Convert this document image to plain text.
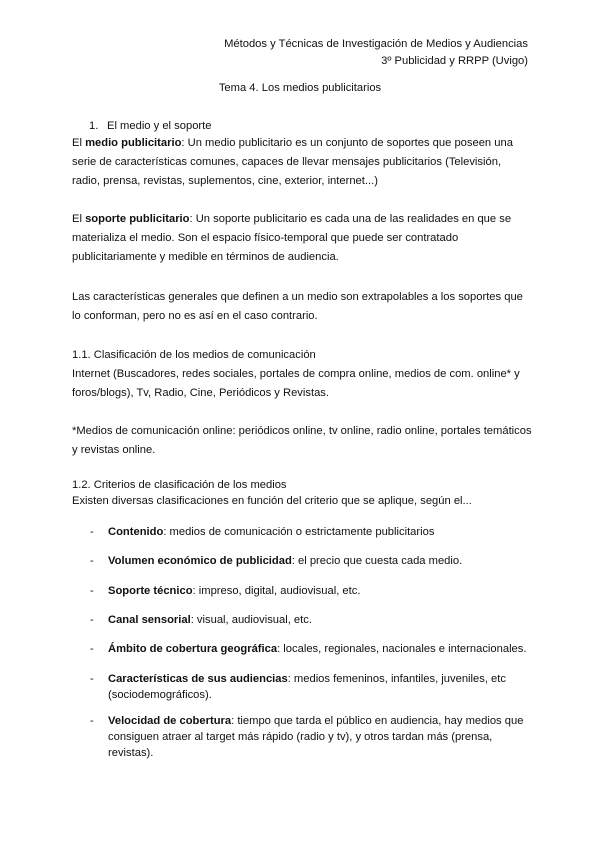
Métodos y Técnicas de Investigación de Medios y Audiencias
3º Publicidad y RRPP (Uvigo)
Tema 4. Los medios publicitarios
1. El medio y el soporte
El medio publicitario: Un medio publicitario es un conjunto de soportes que poseen una serie de características comunes, capaces de llevar mensajes publicitarios (Televisión, radio, prensa, revistas, suplementos, cine, exterior, internet...)
El soporte publicitario: Un soporte publicitario es cada una de las realidades en que se materializa el medio. Son el espacio físico-temporal que puede ser contratado publicitariamente y medible en términos de audiencia.
Las características generales que definen a un medio son extrapolables a los soportes que lo conforman, pero no es así en el caso contrario.
1.1. Clasificación de los medios de comunicación
Internet (Buscadores, redes sociales, portales de compra online, medios de com. online* y foros/blogs), Tv, Radio, Cine, Periódicos y Revistas.
*Medios de comunicación online: periódicos online, tv online, radio online, portales temáticos y revistas online.
1.2. Criterios de clasificación de los medios
Existen diversas clasificaciones en función del criterio que se aplique, según el...
- Contenido: medios de comunicación o estrictamente publicitarios
- Volumen económico de publicidad: el precio que cuesta cada medio.
- Soporte técnico: impreso, digital, audiovisual, etc.
- Canal sensorial: visual, audiovisual, etc.
- Ámbito de cobertura geográfica: locales, regionales, nacionales e internacionales.
- Características de sus audiencias: medios femeninos, infantiles, juveniles, etc (sociodemográficos).
- Velocidad de cobertura: tiempo que tarda el público en audiencia, hay medios que consiguen atraer al target más rápido (radio y tv), y otros tardan más (prensa, revistas).
